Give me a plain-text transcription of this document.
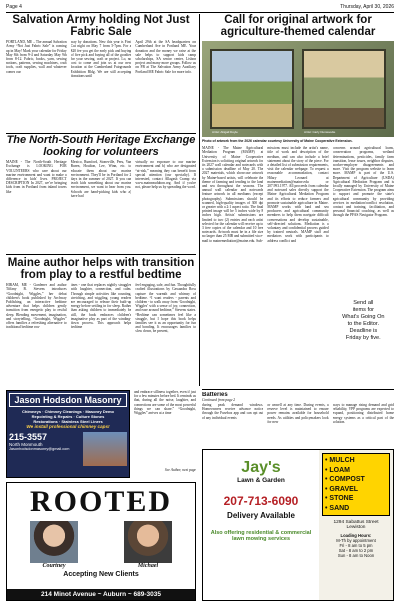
Page 4	Thursday, April 30, 2026
Salvation Army holding Not Just Fabric Sale

PORTLAND, ME – The annual Salvation Army “Not Just Fabric Sale” is coming up in May! Mark your calendar for Friday May 8th from 9-4 and Saturday May 9th from 8-12. Fabric, books, yarn, sewing notions, patterns, sewing machines, craft tools, craft supplies, wall and whatever comes our

way by donations. New this year is First Cut night on May 7 from 5-7pm. For a $20 fee you get the early pick and buying of five pick and buying all of the goodies for your sewing, craft or project. Lo, no cost to come and join us at our new location at the Cumberland Fairgrounds Exhibition Bldg. We are still accepting donations until

April 29th at the SA headquarters on Cumberland Ave in Portland ME. Your donation and the money we raise at the sale helps to support kids camp scholarships, SA senior center, Lisbon project and many more groups. Follow us on FB at The Salvation Army Auxiliary Portland ME Fabric Sale for more info.

The North-South Heritage Exchange looking for volunteers

MAINE - The North-South Heritage Exchange is LOOKING FOR VOLUNTEERS who care about our marine environment and want to make a difference in kids' lives. PROJECT DESCRIPTION In 2027, we’re bringing kids from in Portland from inland towns like

Mexico, Rumford, Stoneville, Peru, Van Buren, Houlton, Lee, Winn, etc. to educate them about our marine environment. They'll be in Portland for 2 days in the summer of 2027. If you can teach kids something about our marine environment, we want to hear from you. Schools are hand-picking kids who a) have had

virtually no exposure to our marine environment and b) who are designated “at-risk,” meaning they can benefit from special attention (our specialty). If interested, contact Allagash Cramp via www.maineaudubon.org. And if you're not, please help us by spreading the word.

Call for original artwork for agriculture-themed calendar
Artist: Abigail Doyle	Artist: Carly Dunwoodie

Photo of artwork from the 2026 calendar courtesy University of Maine Cooperative Extension.

MAINE - The Maine Agricultural Mediation Program (MAMP) at University of Maine Cooperative Extension is soliciting original artwork for its 2027 wall calendar and notecards with a submission deadline of May 20. The 2027 materials, which showcase artwork by Maine-based artists, will celebrate the theme of farming and tending to the land and sea throughout the seasons. The annual wall calendar and notecards feature artwork in all mediums (except photography). Submissions should be scanned, high-quality images of 300 dpi or greater with a 2:1 aspect ratio. The final printed image will be 5 inches wide by 8 inches high. Artists' submissions are limited to two (2) entries and each artist selected for the calendar will receive up to 3 free copies of the calendar and 10 free notecards. Artwork must be in a file size no larger than 25 MB and submitted via e-mail to mainemediation@maine.edu. Sub-

missions must include the artist's name, title of work and description of the medium, and can also include a brief statement about the story of the piece. For a detailed list of submission requirements, visit the calendar webpage. To request a reasonable accommodation, contact Hilary Leonard at mainemediation@maine.edu or 207.993.1977. All proceeds from calendar and notecard sales directly support the Maine Agricultural Mediation Program and its efforts to reduce farmers and promote sustainable agriculture in Maine. MAMP works with land and sea producers and agricultural community members to help them navigate difficult conversations and develop sustainable, self-directed solutions. Mediation is a voluntary and confidential process guided by trained neutrals. MAMP staff and mediators work with participants to address conflict and

concerns around agricultural loans, conservation programs, wetland determinations, pesticides, family farm transition, lease issues, neighbor disputes, worker-employer disagreements and more. Visit the program website to learn more. MAMP is part of the U.S. Department of Agriculture (USDA) Agricultural Mediation Program and is locally managed by University of Maine Cooperative Extension. The program aims to support and promote the state's agricultural community by providing services in mediation/conflict resolution, contact and training, facilitation, and personal financial coaching, as well as through the PFAS Navigator Program.

Send all
items for
What's Going On
to the Editor.
Deadline is
Friday by five.
Maine author helps with transition from play to a restful bedtime

HIRAM, ME - Gardener and author Tiffany B. Stevens introduces “Goodnight, Wiggles,” her debut children's book published by Archway Publishing, an interactive bedtime adventure that helps children gently transition from energetic play to restful sleep. Blending movement, imagination, and storytelling, “Goodnight, Wiggles” offers families a refreshing alternative to traditional bedtime rou-

tines - one that replaces nightly struggles with laughter, connection, and calm. Through simple activities like counting, stretching, and wiggling, young readers are encouraged to release their built-up energy before settling in for sleep. Rather than asking children to immediately be still, the book embraces children's imaginative play as part of the winding-down process. This approach helps bedtime

feel engaging, safe, and fun. Thoughtfully crafted illustrations by Cassandra Ross capture the warmth and whimsy of bedtime. “I want readers - parents and children - to walk away from ‘Goodnight, Wiggles’ with a sense of joy, connection, and ease around bedtime,” Stevens states. “Bedtime can sometimes feel like a struggle, but I hope this book helps families see it as an opportunity for fun and bonding. It encourages families to slow down, be present,

Jason Hodsdon Masonry
Chimneys · Chimney Cleanings · Masonry Demo
Repointing & Repairs · Culture Stones
Restorations · Stainless Steel Liners
We install professional chimney caps!
215-3557
North Monmouth
Jasonhodsdonmasonry@gmail.com

and embrace silliness together, even if just for a few minutes before bed. It reminds us that, during all the noise, laughter, and connections are some of the most powerful things we can share.” “Goodnight, Wiggles” arrives at a time

See Author, next page
Batteries
Continued from page 2

during peak demand windows. Homeowners receive advance notice through the Fusebox app and can opt out of any individual events

or unwell at any time. During events, a reserve level is maintained to ensure power remains available for household needs. As utilities and policymakers look for new

ways to manage rising demand and grid reliability, VPP programs are expected to expand, positioning distributed home energy systems as a critical part of the solution.

ROOTED
Courtney	Michael
Accepting New Clients
214 Minot Avenue ~ Auburn ~ 689-3035
Jay's
Lawn & Garden
207-713-6090
Delivery Available
Also offering residential & commercial lawn mowing services
• MULCH
• LOAM
• COMPOST
• GRAVEL
• STONE
• SAND
1294 Sabattus Street
Lewiston
Loading Hours:
M-Th by appointment
Fri - 8 am to 5 pm
Sat - 8 am to 2 pm
Sun - 8 am to Noon
